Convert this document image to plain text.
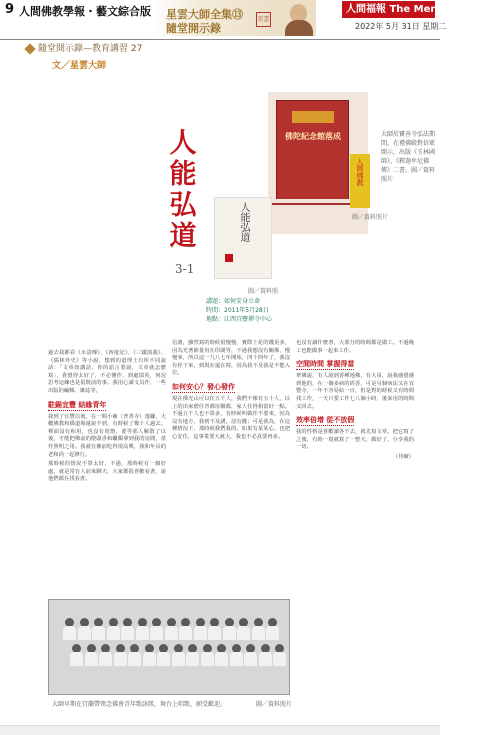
9 人間佛教學報・藝文綜合版 星雲大師全集⑬
隨堂開示錄
星雲
人間福報 The Merit Times
2022年 5月 31日 星期二
隨堂開示錄—教育講習 27
文／星雲大師
人
能
弘
道
3-1
佛陀紀念館落成
人間佛教
圖／資料照片
大師於寶善寺弘法期間，在禮佛殿對信眾開示，出版《玉林國師》、《釋迦牟尼佛傳》二書。圖／資料照片
人能弘道
圖／資料照
講題：如何安身立命
時間：2011年5月28日
地點：江西宜豐禪寺中心

過去我都看《水滸傳》、《西遊記》、《三國演義》、《儒林外史》等小說，想到的道理士有所不同說話：「文章如講話，你的語言要說，文章就怎麼寫」，貴覺得太好了，不必懂作，到處瑞英，何況思考這練也是很既前的事。我用心讀文具作，一些出版的編輯、雜誌等。

駐錫宜豐 結緣青年

我到了宜豐以後，在一間小廟（普善寺）落腳，大概佛教和僑道場還說不到，有時候了幾十人過去。裡面沒有和用，也沒有電燈，要等那人解散了以後，才能把佛前的燈頭香和蠟燭拿到我的房間，當作照明之用。我就在佛前吃得很高興，我和年長的老和尚一起修行。

那時候的情況不算太好，不過，那時候有一個好處，就是常有人前來聊天，大家都很喜歡看書，說他們都在找看書。

信誰，雖然寫的時候很慢慢，實際上花的錢更多，因為光著節量用在印刷等，不過我想沒有關係，慢慢來，所以這一九八七年開始，四十四年了，我沒有停下來，到現在還在寫，因為我不及我是不能入位。

如何安心？發心發作

現在佛光山可以住五千人，我們不像有五十人，以上的出家僧往青都征聯都，家人住得相當好一點。不過五千人也不算多，有時候叫做佳不要來，因為沒有地方，我到不及講，沒有錢；可是我為，在這種情況下，那時候我們我的，如果有某某心，也把心安住，這事業要大就大，我也不必真要再多。

也沒有讀什麼書，大部分的時間都是做工。不過晚工也能做事一起來工作。

空閒時間 掌握得當

華佛說，有人說到香種地佛，有大哥，說我感覺感到他的，在一個多病的經香，可是另個病法又在宜豐寺，一年不容易給一百，但是對的時候又有時間找工作，一天只要工作七八個小時，後來用的時間又回去。

效率倍增 從不放假

我的性格是喜歡讀各不去，就先寫文章。把它寫了之後，有時一寫就寫了一整天，做好了，分享我的一切。

（待續）

大師早期在宜蘭帶領念佛會青年歌詠隊，舞台上唱歌，頗受歡迎。	圖／資料照片
